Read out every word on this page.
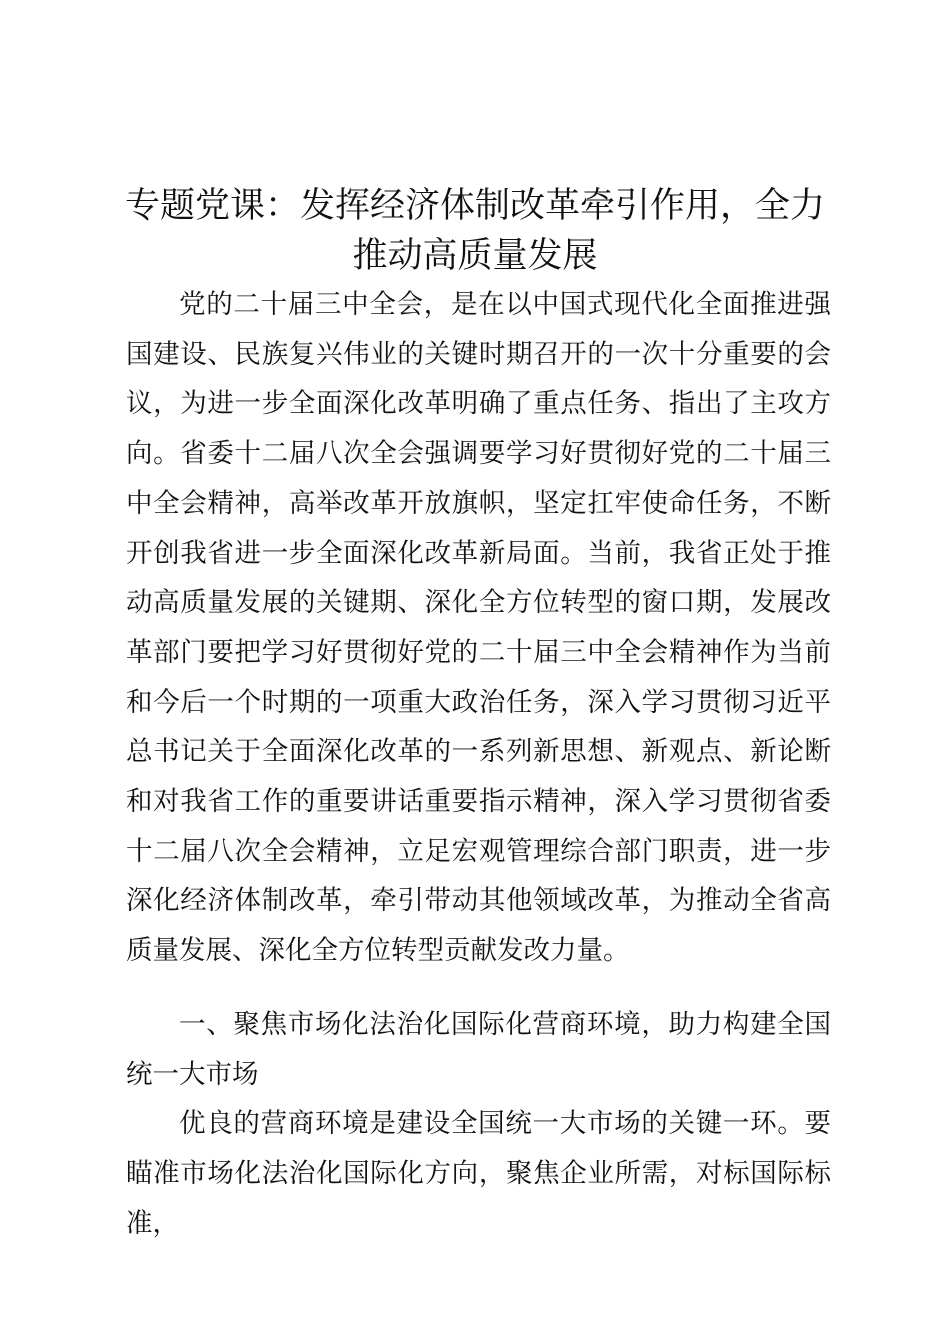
专题党课：发挥经济体制改革牵引作用，全力
推动高质量发展

党的二十届三中全会，是在以中国式现代化全面推进强国建设、民族复兴伟业的关键时期召开的一次十分重要的会议，为进一步全面深化改革明确了重点任务、指出了主攻方向。省委十二届八次全会强调要学习好贯彻好党的二十届三中全会精神，高举改革开放旗帜，坚定扛牢使命任务，不断开创我省进一步全面深化改革新局面。当前，我省正处于推动高质量发展的关键期、深化全方位转型的窗口期，发展改革部门要把学习好贯彻好党的二十届三中全会精神作为当前和今后一个时期的一项重大政治任务，深入学习贯彻习近平总书记关于全面深化改革的一系列新思想、新观点、新论断和对我省工作的重要讲话重要指示精神，深入学习贯彻省委十二届八次全会精神，立足宏观管理综合部门职责，进一步深化经济体制改革，牵引带动其他领域改革，为推动全省高质量发展、深化全方位转型贡献发改力量。

一、聚焦市场化法治化国际化营商环境，助力构建全国统一大市场

优良的营商环境是建设全国统一大市场的关键一环。要瞄准市场化法治化国际化方向，聚焦企业所需，对标国际标准，
